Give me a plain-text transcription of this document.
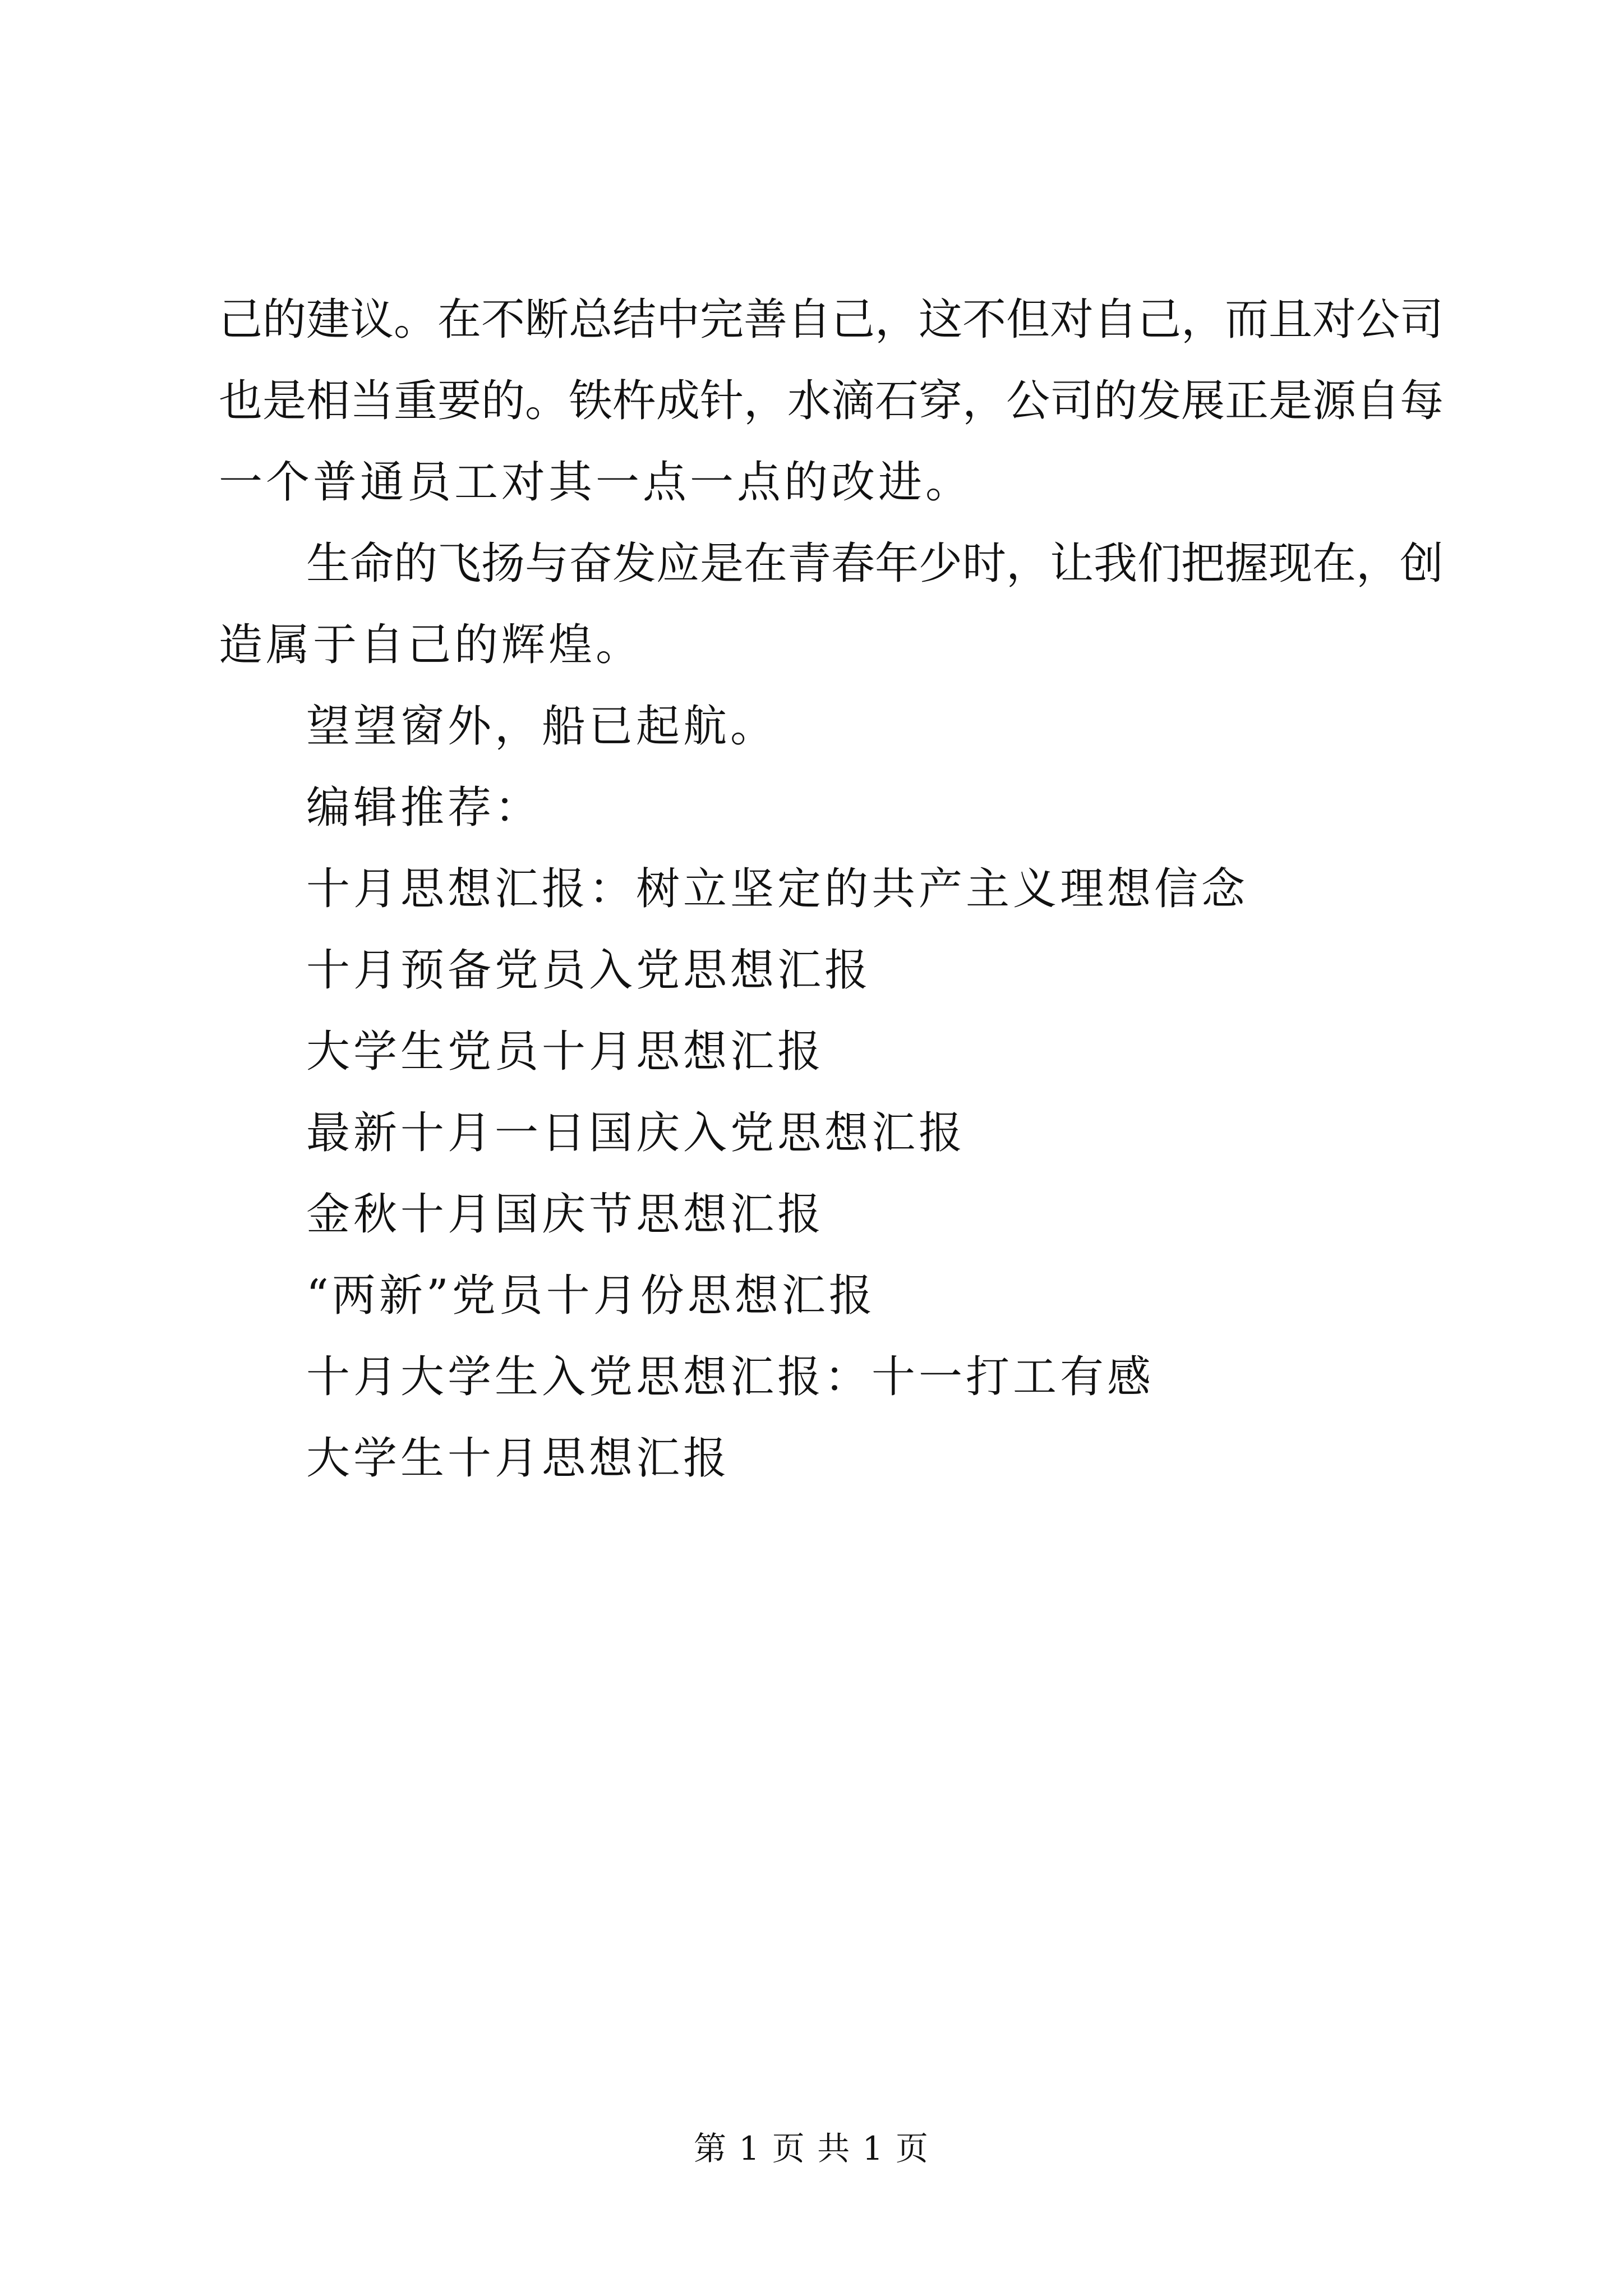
己的建议。在不断总结中完善自己，这不但对自己，而且对公司
也是相当重要的。铁杵成针，水滴石穿，公司的发展正是源自每
一个普通员工对其一点一点的改进。
生命的飞扬与奋发应是在青春年少时，让我们把握现在，创
造属于自己的辉煌。
望望窗外，船已起航。
编辑推荐：
十月思想汇报：树立坚定的共产主义理想信念
十月预备党员入党思想汇报
大学生党员十月思想汇报
最新十月一日国庆入党思想汇报
金秋十月国庆节思想汇报
“两新”党员十月份思想汇报
十月大学生入党思想汇报：十一打工有感
大学生十月思想汇报
第 1 页 共 1 页
